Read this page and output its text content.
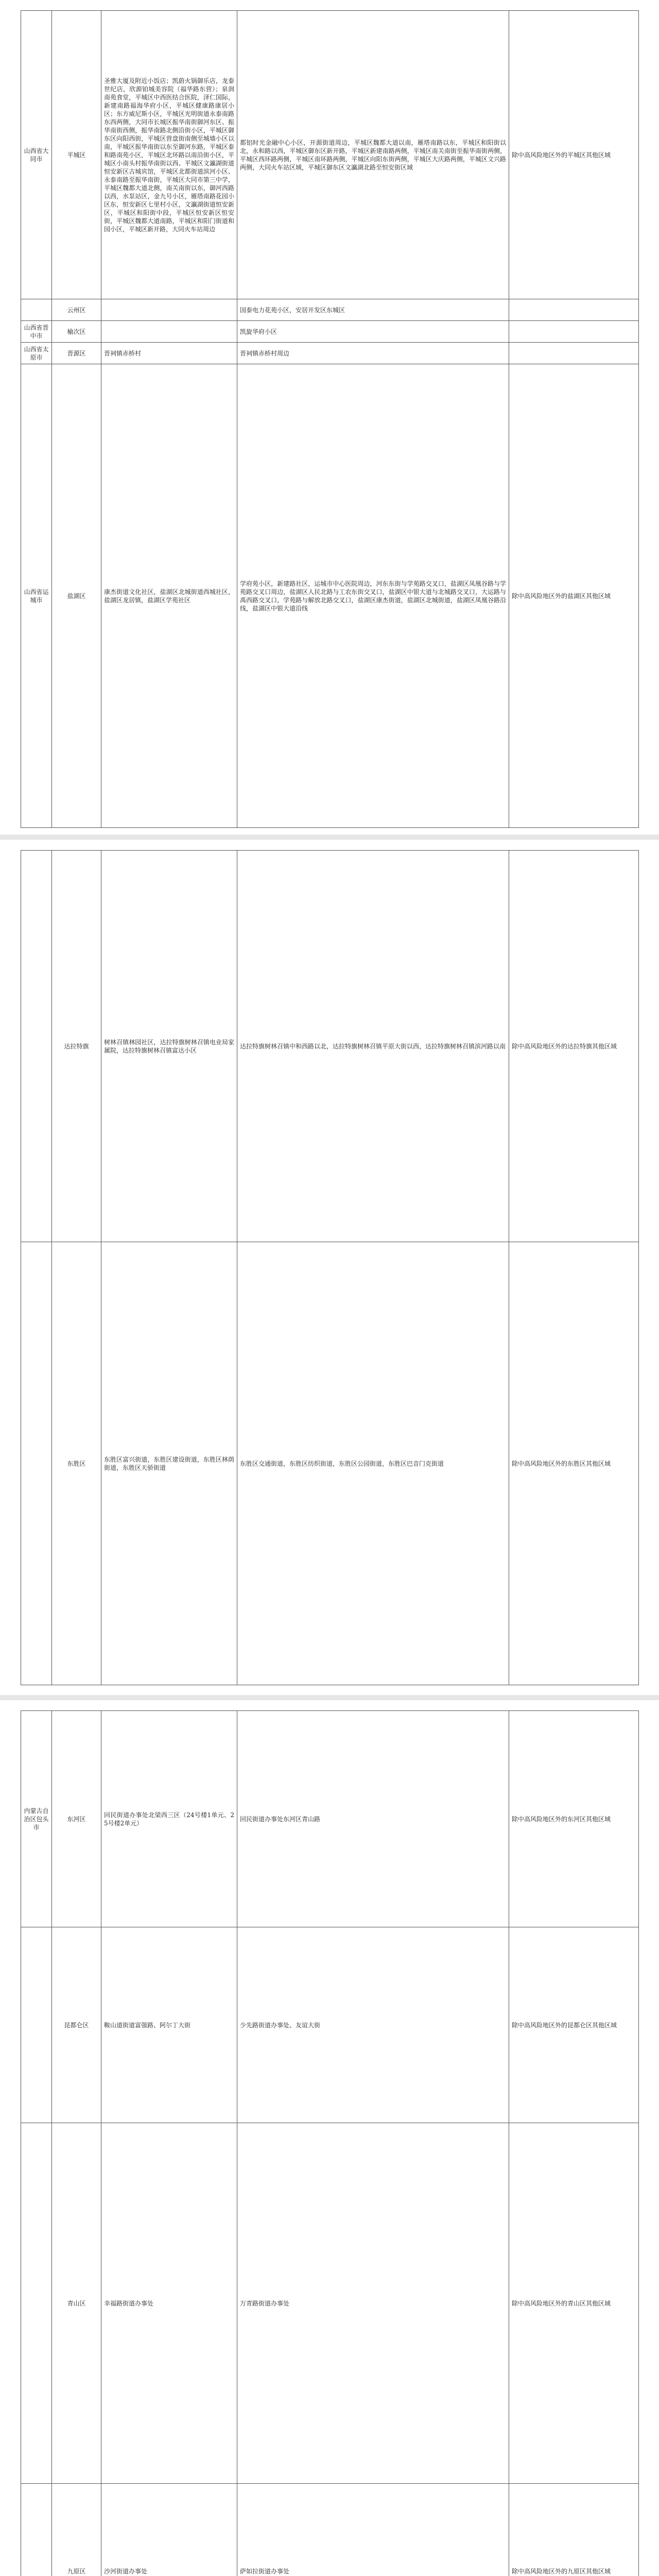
山西省大同市	平城区	圣雅大厦及附近小饭店；凯蔚火锅御乐店，龙泰世纪店，欣源铂城美容院（福华路东营）；泉润南苑食堂，平城区中西医结合医院，泽仁国际，新建南路福海华府小区，平城区健康路康居小区；东方威尼斯小区，平城区光明街道永泰南路东西两侧，大同市长城区振华南街御河东区、振华南街西侧，振华南路北侧沿街小区，平城区御东区向阳西街，平城区营盘街南侧至城墙小区以南，平城区振华南街以东至御河东路，平城区泰和路南苑小区，平城区北环路以南沿街小区，平城区小南头村振华南街以西、平城区文瀛湖街道恒安新区古城宾馆，平城区北都街道滨河小区、永泰南路至振华南街，平城区大同市第三中学，平城区魏都大道北侧，南关南街以东，御河西路以西，水泵站区，金九号小区，雁塔南路花园小区东，恒安新区七里村小区，文瀛湖街道恒安新区，平城区和阳街中段，平城区恒安新区恒安街，平城区魏都大道南路，平城区和阳门街道和园小区，平城区新开路，大同火车站周边	都铝时光金融中心小区，开源街道周边，平城区魏都大道以南，雁塔南路以东，平城区和阳街以北，永和路以西，平城区御东区新开路，平城区新建南路两侧，平城区南关南街至振华南街两侧，平城区西环路两侧，平城区南环路两侧，平城区向阳东街两侧，平城区大庆路两侧，平城区文兴路两侧，大同火车站区域，平城区御东区文瀛湖北路至恒安街区域	除中高风险地区外的平城区其他区域
	云州区		国泰电力花苑小区，安居开发区东城区	
山西省晋中市	榆次区		凯旋华府小区	
山西省太原市	晋源区	晋祠镇赤桥村	晋祠镇赤桥村周边	
山西省运城市	盐湖区	康杰街道文化社区，盐湖区北城街道西城社区，盐湖区龙居镇，盐湖区学苑社区	学府苑小区，新建路社区，运城市中心医院周边，河东东街与学苑路交叉口，盐湖区凤凰谷路与学苑路交叉口周边，盐湖区人民北路与工农东街交叉口，盐湖区中银大道与北城路交叉口，大运路与禹西路交叉口，学苑路与解放北路交叉口，盐湖区康杰街道，盐湖区北城街道，盐湖区凤凰谷路沿线，盐湖区中银大道沿线	除中高风险地区外的盐湖区其他区域
	达拉特旗	树林召镇林园社区，达拉特旗树林召镇电业局家属院，达拉特旗树林召镇富达小区	达拉特旗树林召镇中和西路以北，达拉特旗树林召镇平原大街以西，达拉特旗树林召镇滨河路以南	除中高风险地区外的达拉特旗其他区域
	东胜区	东胜区富兴街道，东胜区建设街道，东胜区林荫街道，东胜区天骄街道	东胜区交通街道，东胜区纺织街道，东胜区公园街道，东胜区巴音门克街道	除中高风险地区外的东胜区其他区域
内蒙古自治区包头市	东河区	回民街道办事处北梁西三区（24号楼1单元、25号楼2单元）	回民街道办事处东河区青山路	除中高风险地区外的东河区其他区域
	昆都仑区	鞍山道街道富强路、阿尔丁大街	少先路街道办事处、友谊大街	除中高风险地区外的昆都仑区其他区域
	青山区	幸福路街道办事处	万青路街道办事处	除中高风险地区外的青山区其他区域
	九原区	沙河街道办事处	萨如拉街道办事处	除中高风险地区外的九原区其他区域
